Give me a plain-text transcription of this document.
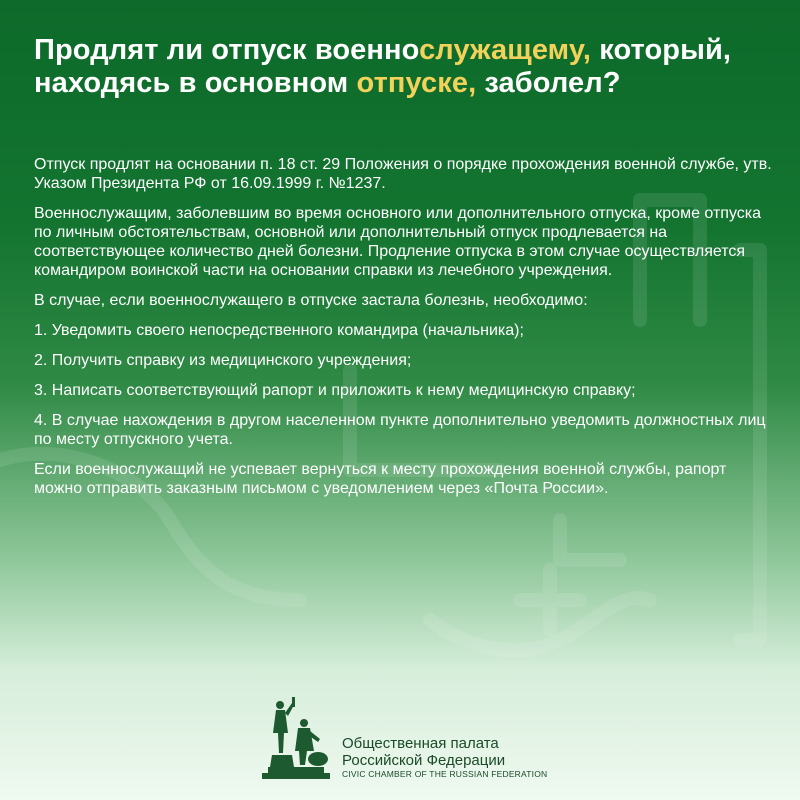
Продлят ли отпуск военнослужащему, который, находясь в основном отпуске, заболел?

Отпуск продлят на основании п. 18 ст. 29 Положения о порядке прохождения военной службе, утв. Указом Президента РФ от 16.09.1999 г. №1237.

Военнослужащим, заболевшим во время основного или дополнительного отпуска, кроме отпуска по личным обстоятельствам, основной или дополнительный отпуск продлевается на соответствующее количество дней болезни. Продление отпуска в этом случае осуществляется командиром воинской части на основании справки из лечебного учреждения.

В случае, если военнослужащего в отпуске застала болезнь, необходимо:

1. Уведомить своего непосредственного командира (начальника);

2. Получить справку из медицинского учреждения;

3. Написать соответствующий рапорт и приложить к нему медицинскую справку;

4. В случае нахождения в другом населенном пункте дополнительно уведомить должностных лиц по месту отпускного учета.

Если военнослужащий не успевает вернуться к месту прохождения военной службы, рапорт можно отправить заказным письмом с уведомлением через «Почта России».

Общественная палата
Российской Федерации
CIVIC CHAMBER OF THE RUSSIAN FEDERATION
